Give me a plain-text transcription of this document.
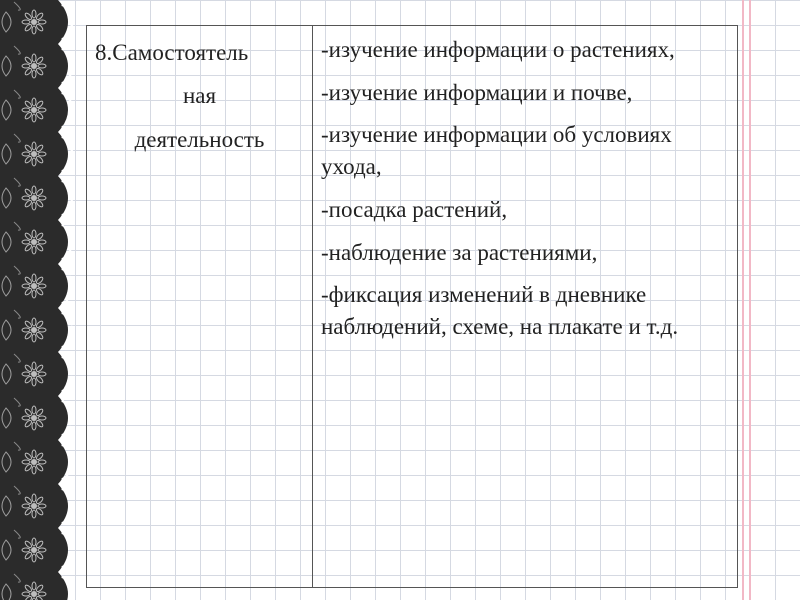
8.Самостоятель
ная
деятельность

-изучение информации о растениях,

-изучение информации и почве,

-изучение информации об условиях ухода,

-посадка растений,

-наблюдение за растениями,

-фиксация изменений в дневнике наблюдений, схеме, на плакате и т.д.
